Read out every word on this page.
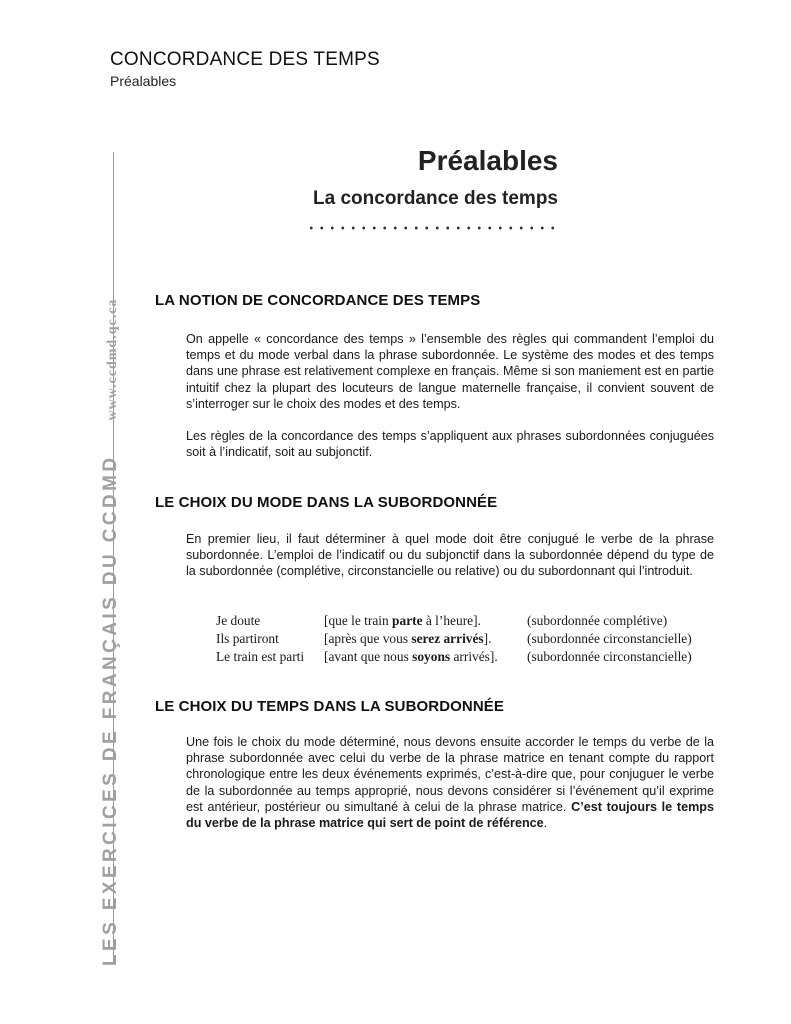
CONCORDANCE DES TEMPS
Préalables
LES EXERCICES DE FRANÇAIS DU CCDMDwww.ccdmd.qc.ca
Préalables
La concordance des temps
LA NOTION DE CONCORDANCE DES TEMPS

On appelle « concordance des temps » l’ensemble des règles qui commandent l’emploi du temps et du mode verbal dans la phrase subordonnée. Le système des modes et des temps dans une phrase est relativement complexe en français. Même si son maniement est en partie intuitif chez la plupart des locuteurs de langue maternelle française, il convient souvent de s’interroger sur le choix des modes et des temps.

Les règles de la concordance des temps s’appliquent aux phrases subordonnées conjuguées soit à l’indicatif, soit au subjonctif.

LE CHOIX DU MODE DANS LA SUBORDONNÉE

En premier lieu, il faut déterminer à quel mode doit être conjugué le verbe de la phrase subordonnée. L’emploi de l’indicatif ou du subjonctif dans la subordonnée dépend du type de la subordonnée (complétive, circonstancielle ou relative) ou du subordonnant qui l’introduit.

Je doute	[que le train parte à l’heure].	(subordonnée complétive)
Ils partiront	[après que vous serez arrivés].	(subordonnée circonstancielle)
Le train est parti [avant que nous soyons arrivés]. (subordonnée circonstancielle)
LE CHOIX DU TEMPS DANS LA SUBORDONNÉE

Une fois le choix du mode déterminé, nous devons ensuite accorder le temps du verbe de la phrase subordonnée avec celui du verbe de la phrase matrice en tenant compte du rapport chronologique entre les deux événements exprimés, c’est-à-dire que, pour conjuguer le verbe de la subordonnée au temps approprié, nous devons considérer si l’événement qu’il exprime est antérieur, postérieur ou simultané à celui de la phrase matrice. C’est toujours le temps du verbe de la phrase matrice qui sert de point de référence.
